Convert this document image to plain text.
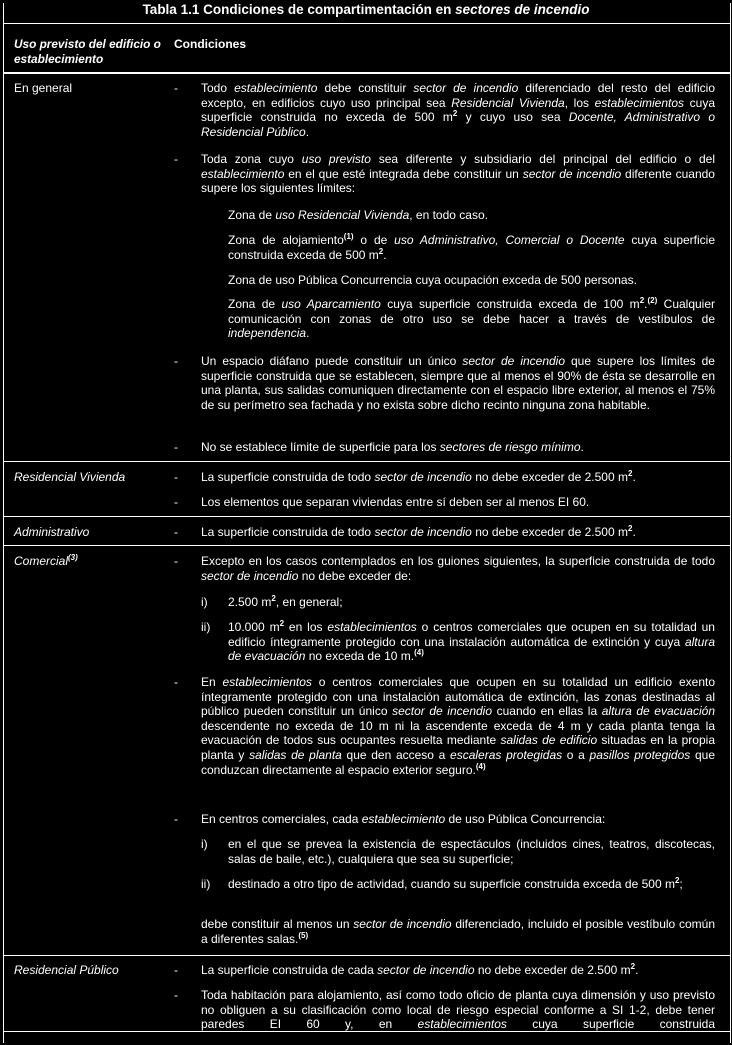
Tabla 1.1 Condiciones de compartimentación en sectores de incendio
Uso previsto del edificio o establecimiento
Condiciones
En general	- Todo establecimiento debe constituir sector de incendio diferenciado del resto del edificio excepto, en edificios cuyo uso principal sea Residencial Vivienda, los establecimientos cuya superficie construida no exceda de 500 $m^2$ y cuyo uso sea Docente, Administrativo o Residencial Público.
- Toda zona cuyo uso previsto sea diferente y subsidiario del principal del edificio o del establecimiento en el que esté integrada debe constituir un sector de incendio diferente cuando supere los siguientes límites:
Zona de uso Residencial Vivienda, en todo caso.
Zona de alojamiento$^{(1)}$ o de uso Administrativo, Comercial o Docente cuya superficie construida exceda de 500 $m^2$.
Zona de uso Pública Concurrencia cuya ocupación exceda de 500 personas.
Zona de uso Aparcamiento cuya superficie construida exceda de 100 $m^2.^{(2)}$ Cualquier comunicación con zonas de otro uso se debe hacer a través de vestíbulos de independencia.
- Un espacio diáfano puede constituir un único sector de incendio que supere los límites de superficie construida que se establecen, siempre que al menos el 90% de ésta se desarrolle en una planta, sus salidas comuniquen directamente con el espacio libre exterior, al menos el 75% de su perímetro sea fachada y no exista sobre dicho recinto ninguna zona habitable.
- No se establece límite de superficie para los sectores de riesgo mínimo.
Residencial Vivienda	- La superficie construida de todo sector de incendio no debe exceder de 2.500 $m^2$.
- Los elementos que separan viviendas entre sí deben ser al menos EI 60.
Administrativo	- La superficie construida de todo sector de incendio no debe exceder de 2.500 $m^2$.
Comercial$^{(3)}$	- Excepto en los casos contemplados en los guiones siguientes, la superficie construida de todo sector de incendio no debe exceder de:
i) 2.500 $m^2$, en general;
ii) 10.000 $m^2$ en los establecimientos o centros comerciales que ocupen en su totalidad un edificio íntegramente protegido con una instalación automática de extinción y cuya altura de evacuación no exceda de 10 m.$^{(4)}$
- En establecimientos o centros comerciales que ocupen en su totalidad un edificio exento íntegramente protegido con una instalación automática de extinción, las zonas destinadas al público pueden constituir un único sector de incendio cuando en ellas la altura de evacuación descendente no exceda de 10 m ni la ascendente exceda de 4 m y cada planta tenga la evacuación de todos sus ocupantes resuelta mediante salidas de edificio situadas en la propia planta y salidas de planta que den acceso a escaleras protegidas o a pasillos protegidos que conduzcan directamente al espacio exterior seguro.$^{(4)}$
- En centros comerciales, cada establecimiento de uso Pública Concurrencia:
i) en el que se prevea la existencia de espectáculos (incluidos cines, teatros, discotecas, salas de baile, etc.), cualquiera que sea su superficie;
ii) destinado a otro tipo de actividad, cuando su superficie construida exceda de 500 $m^2$;
debe constituir al menos un sector de incendio diferenciado, incluido el posible vestíbulo común a diferentes salas.$^{(5)}$
Residencial Público	- La superficie construida de cada sector de incendio no debe exceder de 2.500 $m^2$.
- Toda habitación para alojamiento, así como todo oficio de planta cuya dimensión y uso previsto no obliguen a su clasificación como local de riesgo especial conforme a SI 1-2, debe tener paredes EI 60 y, en establecimientos cuya superficie construida
